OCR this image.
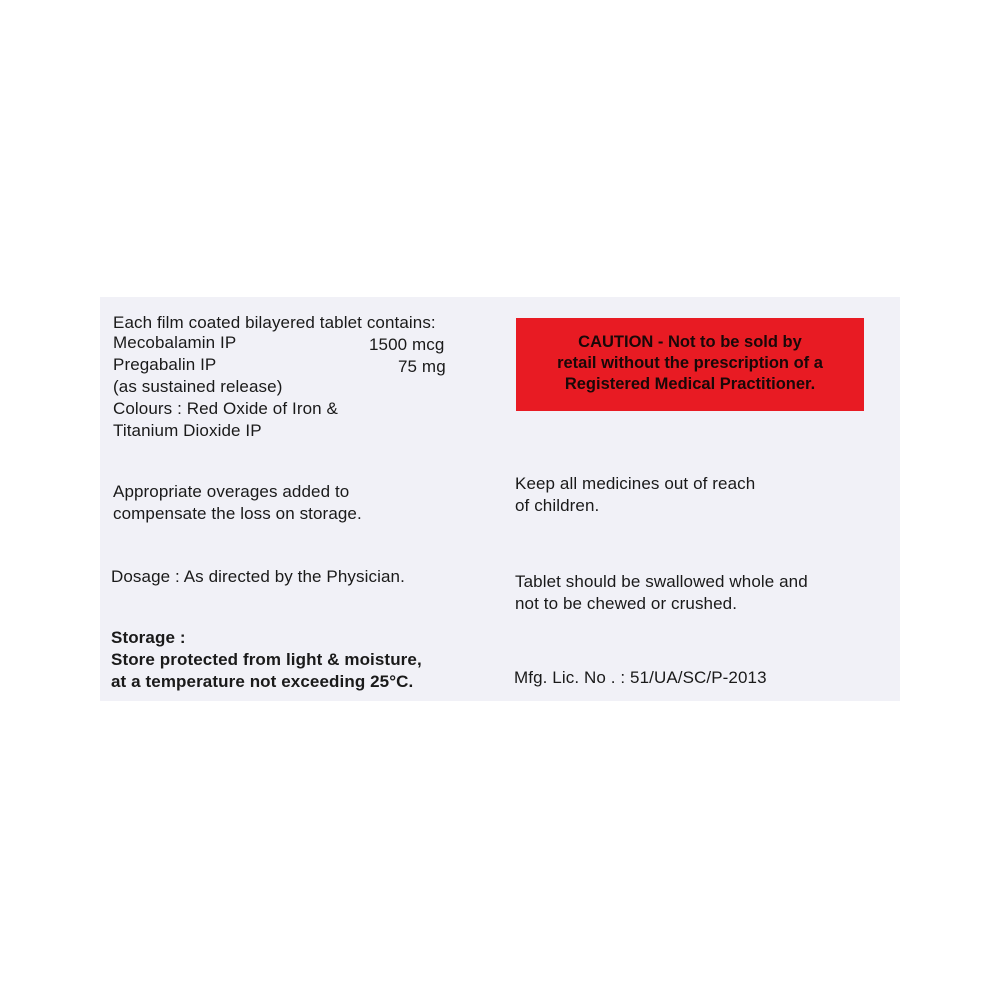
Each film coated bilayered tablet contains:
Mecobalamin IP	1500 mcg
Pregabalin IP	75 mg
(as sustained release)
Colours : Red Oxide of Iron &
Titanium Dioxide IP
Appropriate overages added to
compensate the loss on storage.
Dosage : As directed by the Physician.
Storage :
Store protected from light & moisture,
at a temperature not exceeding 25°C.
CAUTION - Not to be sold by
retail without the prescription of a
Registered Medical Practitioner.
Keep all medicines out of reach
of children.
Tablet should be swallowed whole and
not to be chewed or crushed.
Mfg. Lic. No . : 51/UA/SC/P-2013
